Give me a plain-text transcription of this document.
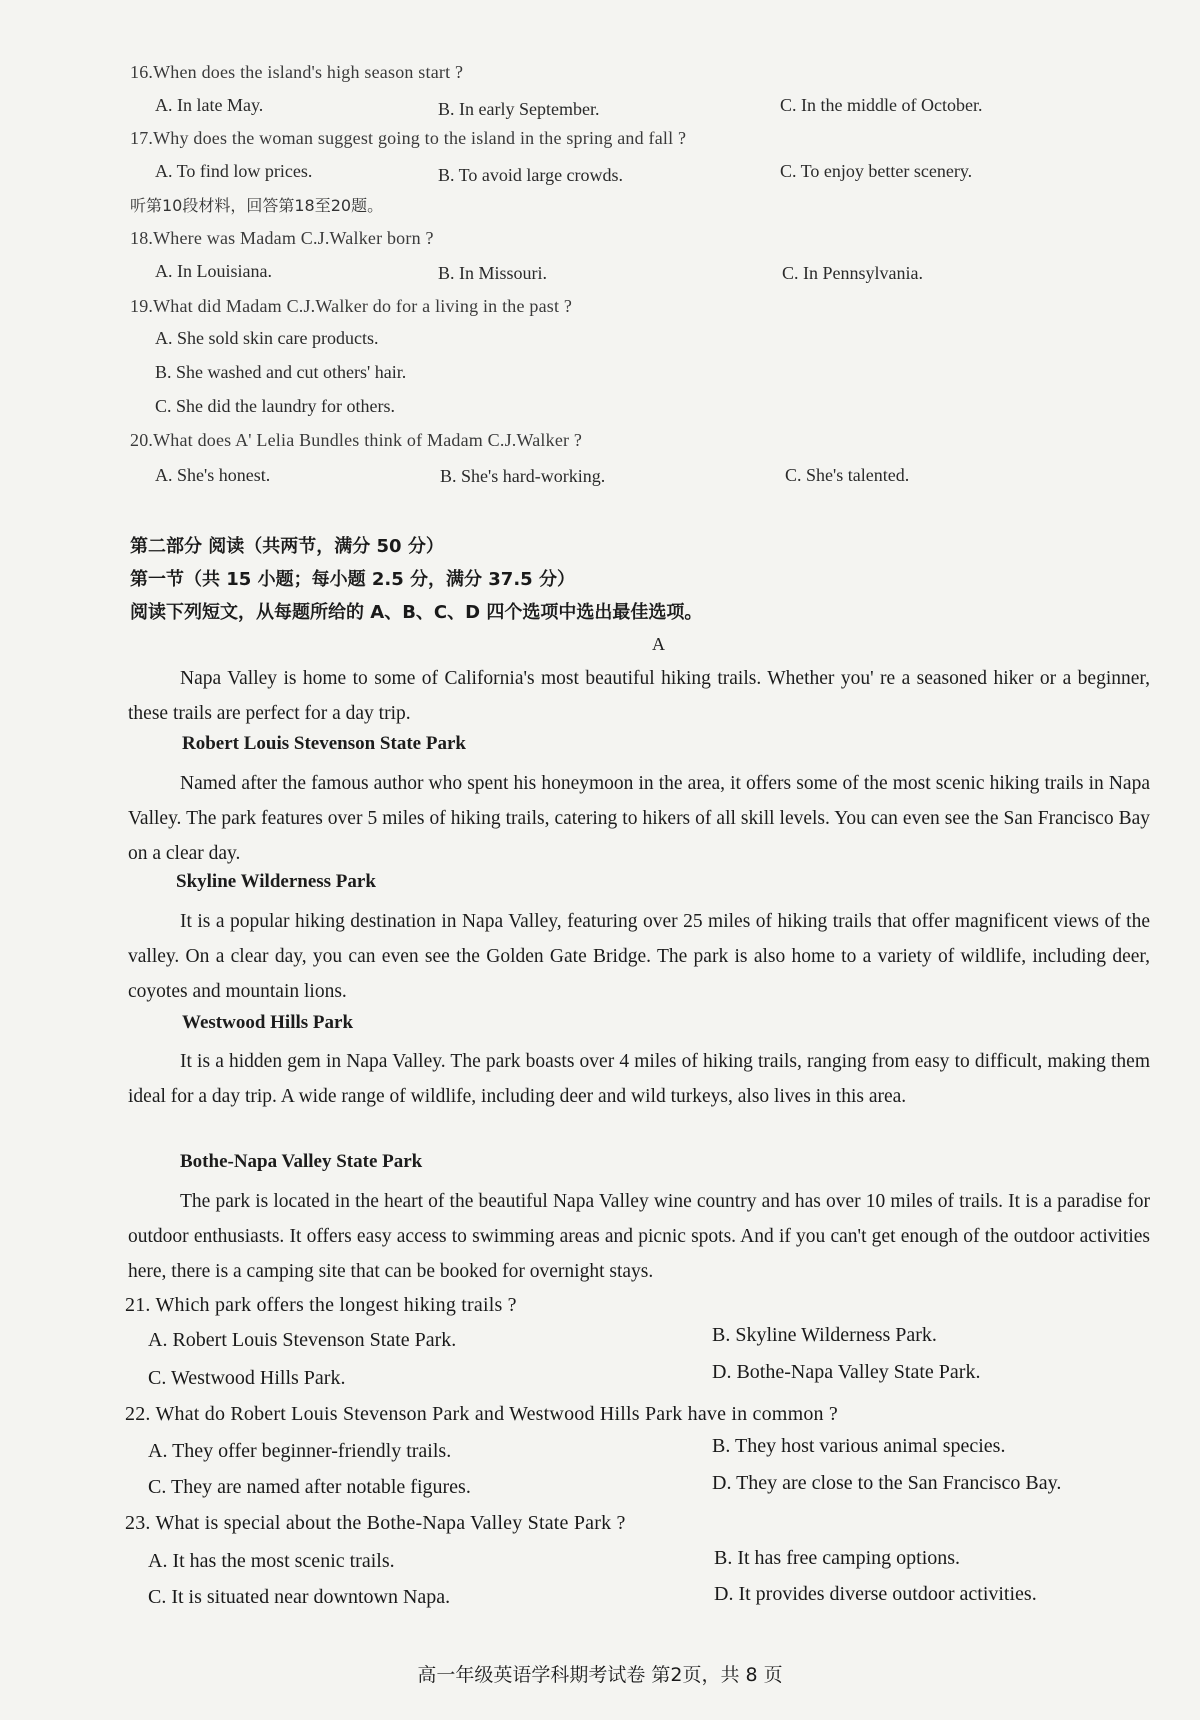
16.When does the island's high season start ?
A. In late May.	B. In early September.	C. In the middle of October.
17.Why does the woman suggest going to the island in the spring and fall ?
A. To find low prices.	B. To avoid large crowds.	C. To enjoy better scenery.
听第10段材料，回答第18至20题。
18.Where was Madam C.J.Walker born ?
A. In Louisiana.	B. In Missouri.	C. In Pennsylvania.
19.What did Madam C.J.Walker do for a living in the past ?
A. She sold skin care products.
B. She washed and cut others' hair.
C. She did the laundry for others.
20.What does A' Lelia Bundles think of Madam C.J.Walker ?
A. She's honest.	B. She's hard-working.	C. She's talented.
第二部分 阅读（共两节，满分 50 分）
第一节（共 15 小题；每小题 2.5 分，满分 37.5 分）
阅读下列短文，从每题所给的 A、B、C、D 四个选项中选出最佳选项。
A
Napa Valley is home to some of California's most beautiful hiking trails. Whether you' re a seasoned hiker or a beginner, these trails are perfect for a day trip.
Robert Louis Stevenson State Park
Named after the famous author who spent his honeymoon in the area, it offers some of the most scenic hiking trails in Napa Valley. The park features over 5 miles of hiking trails, catering to hikers of all skill levels. You can even see the San Francisco Bay on a clear day.
Skyline Wilderness Park
It is a popular hiking destination in Napa Valley, featuring over 25 miles of hiking trails that offer magnificent views of the valley. On a clear day, you can even see the Golden Gate Bridge. The park is also home to a variety of wildlife, including deer, coyotes and mountain lions.
Westwood Hills Park
It is a hidden gem in Napa Valley. The park boasts over 4 miles of hiking trails, ranging from easy to difficult, making them ideal for a day trip. A wide range of wildlife, including deer and wild turkeys, also lives in this area.
Bothe-Napa Valley State Park
The park is located in the heart of the beautiful Napa Valley wine country and has over 10 miles of trails. It is a paradise for outdoor enthusiasts. It offers easy access to swimming areas and picnic spots. And if you can't get enough of the outdoor activities here, there is a camping site that can be booked for overnight stays.
21. Which park offers the longest hiking trails ?
A. Robert Louis Stevenson State Park.	B. Skyline Wilderness Park.
C. Westwood Hills Park.	D. Bothe-Napa Valley State Park.
22. What do Robert Louis Stevenson Park and Westwood Hills Park have in common ?
A. They offer beginner-friendly trails.	B. They host various animal species.
C. They are named after notable figures.	D. They are close to the San Francisco Bay.
23. What is special about the Bothe-Napa Valley State Park ?
A. It has the most scenic trails.	B. It has free camping options.
C. It is situated near downtown Napa.	D. It provides diverse outdoor activities.
高一年级英语学科期考试卷 第2页，共 8 页
